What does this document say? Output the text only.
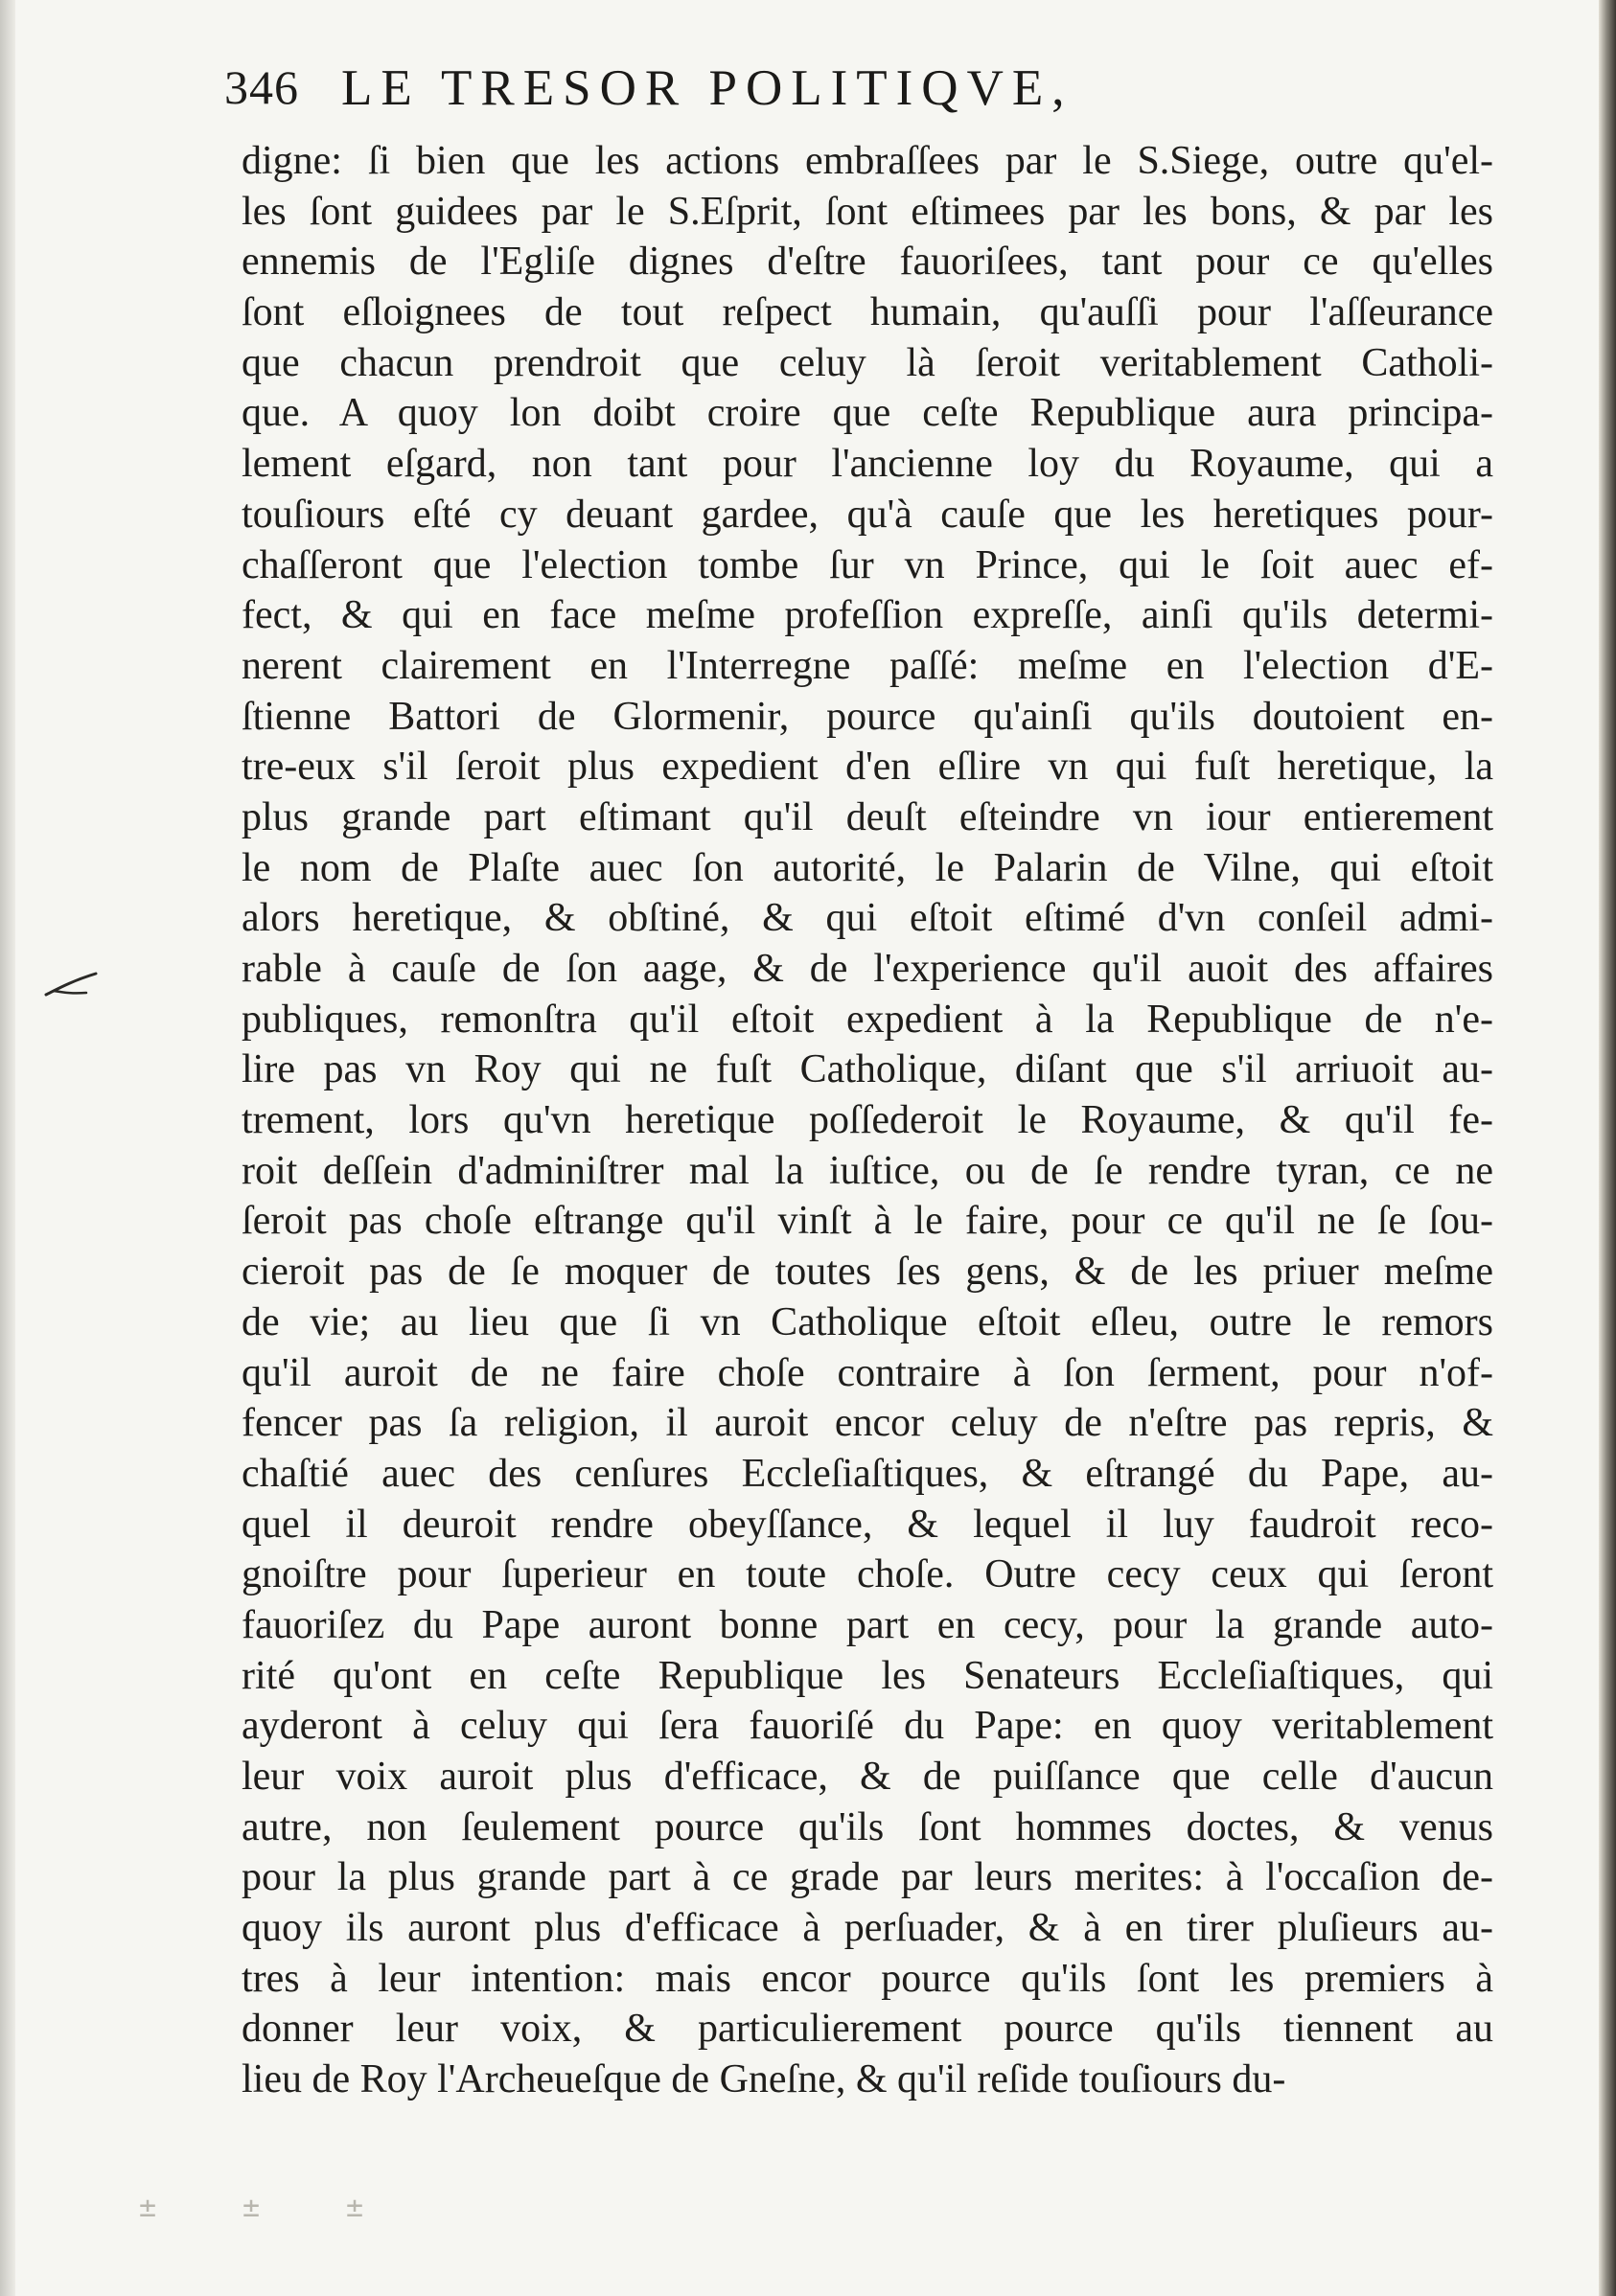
346 LE TRESOR POLITIQVE,
digne: ſi bien que les actions embraſſees par le S.Siege, outre qu'el-
les ſont guidees par le S.Eſprit, ſont eſtimees par les bons, & par les
ennemis de l'Egliſe dignes d'eſtre fauoriſees, tant pour ce qu'elles
ſont eſloignees de tout reſpect humain, qu'auſſi pour l'aſſeurance
que chacun prendroit que celuy là ſeroit veritablement Catholi-
que. A quoy lon doibt croire que ceſte Republique aura principa-
lement eſgard, non tant pour l'ancienne loy du Royaume, qui a
touſiours eſté cy deuant gardee, qu'à cauſe que les heretiques pour-
chaſſeront que l'election tombe ſur vn Prince, qui le ſoit auec ef-
fect, & qui en face meſme profeſſion expreſſe, ainſi qu'ils determi-
nerent clairement en l'Interregne paſſé: meſme en l'election d'E-
ſtienne Battori de Glormenir, pource qu'ainſi qu'ils doutoient en-
tre-eux s'il ſeroit plus expedient d'en eſlire vn qui fuſt heretique, la
plus grande part eſtimant qu'il deuſt eſteindre vn iour entierement
le nom de Plaſte auec ſon autorité, le Palarin de Vilne, qui eſtoit
alors heretique, & obſtiné, & qui eſtoit eſtimé d'vn conſeil admi-
rable à cauſe de ſon aage, & de l'experience qu'il auoit des affaires
publiques, remonſtra qu'il eſtoit expedient à la Republique de n'e-
lire pas vn Roy qui ne fuſt Catholique, diſant que s'il arriuoit au-
trement, lors qu'vn heretique poſſederoit le Royaume, & qu'il fe-
roit deſſein d'adminiſtrer mal la iuſtice, ou de ſe rendre tyran, ce ne
ſeroit pas choſe eſtrange qu'il vinſt à le faire, pour ce qu'il ne ſe ſou-
cieroit pas de ſe moquer de toutes ſes gens, & de les priuer meſme
de vie; au lieu que ſi vn Catholique eſtoit eſleu, outre le remors
qu'il auroit de ne faire choſe contraire à ſon ſerment, pour n'of-
fencer pas ſa religion, il auroit encor celuy de n'eſtre pas repris, &
chaſtié auec des cenſures Eccleſiaſtiques, & eſtrangé du Pape, au-
quel il deuroit rendre obeyſſance, & lequel il luy faudroit reco-
gnoiſtre pour ſuperieur en toute choſe. Outre cecy ceux qui ſeront
fauoriſez du Pape auront bonne part en cecy, pour la grande auto-
rité qu'ont en ceſte Republique les Senateurs Eccleſiaſtiques, qui
ayderont à celuy qui ſera fauoriſé du Pape: en quoy veritablement
leur voix auroit plus d'efficace, & de puiſſance que celle d'aucun
autre, non ſeulement pource qu'ils ſont hommes doctes, & venus
pour la plus grande part à ce grade par leurs merites: à l'occaſion de-
quoy ils auront plus d'efficace à perſuader, & à en tirer pluſieurs au-
tres à leur intention: mais encor pource qu'ils ſont les premiers à
donner leur voix, & particulierement pource qu'ils tiennent au
lieu de Roy l'Archeueſque de Gneſne, & qu'il reſide touſiours du-
±	±	±
